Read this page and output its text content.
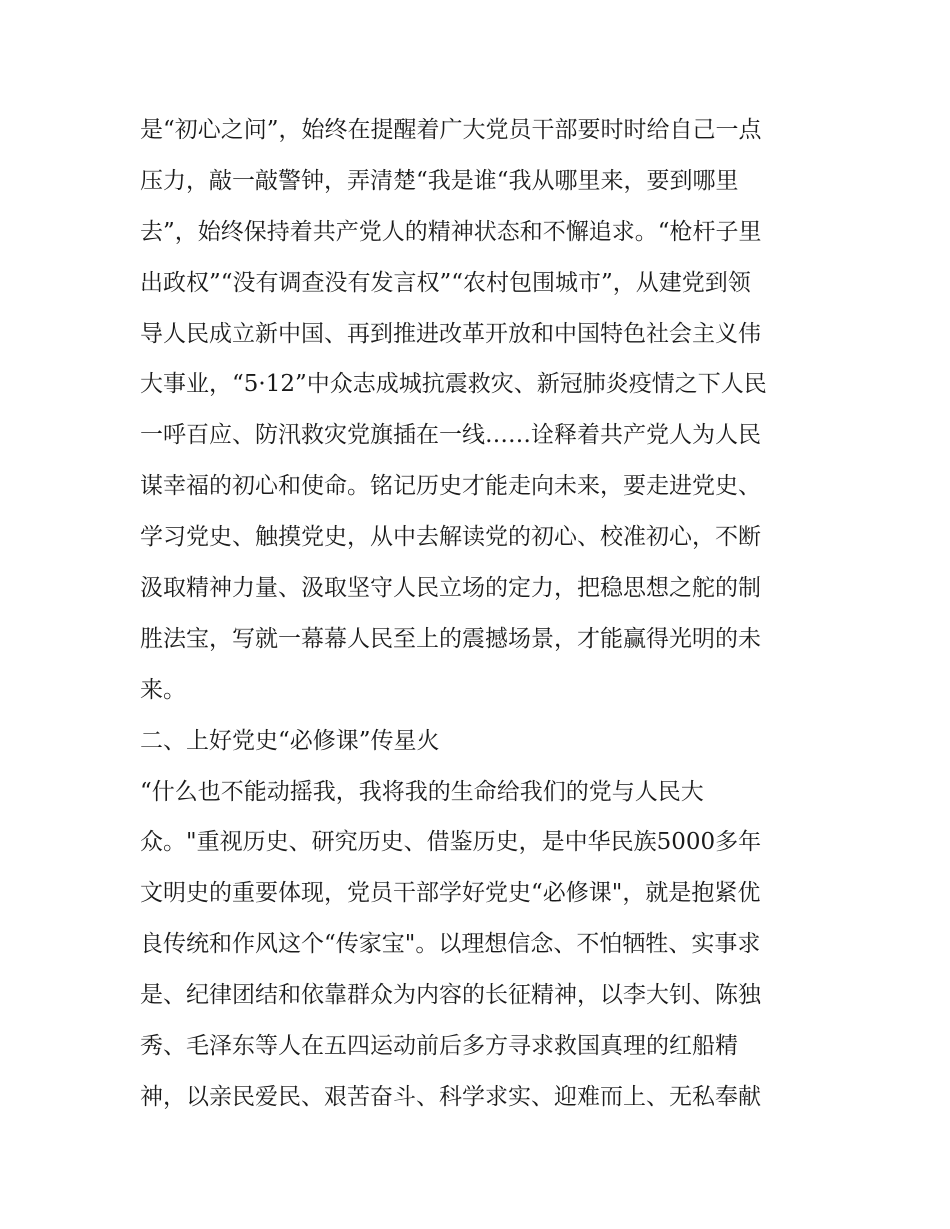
是“初心之问”，始终在提醒着广大党员干部要时时给自己一点
压力，敲一敲警钟，弄清楚“我是谁“我从哪里来，要到哪里
去”，始终保持着共产党人的精神状态和不懈追求。“枪杆子里
出政权”“没有调查没有发言权”“农村包围城市”，从建党到领
导人民成立新中国、再到推进改革开放和中国特色社会主义伟
大事业，“5·12”中众志成城抗震救灾、新冠肺炎疫情之下人民
一呼百应、防汛救灾党旗插在一线……诠释着共产党人为人民
谋幸福的初心和使命。铭记历史才能走向未来，要走进党史、
学习党史、触摸党史，从中去解读党的初心、校准初心，不断
汲取精神力量、汲取坚守人民立场的定力，把稳思想之舵的制
胜法宝，写就一幕幕人民至上的震撼场景，才能赢得光明的未
来。
二、上好党史“必修课”传星火
“什么也不能动摇我，我将我的生命给我们的党与人民大
众。"重视历史、研究历史、借鉴历史，是中华民族5000多年
文明史的重要体现，党员干部学好党史“必修课"，就是抱紧优
良传统和作风这个“传家宝"。以理想信念、不怕牺牲、实事求
是、纪律团结和依靠群众为内容的长征精神，以李大钊、陈独
秀、毛泽东等人在五四运动前后多方寻求救国真理的红船精
神，以亲民爱民、艰苦奋斗、科学求实、迎难而上、无私奉献
